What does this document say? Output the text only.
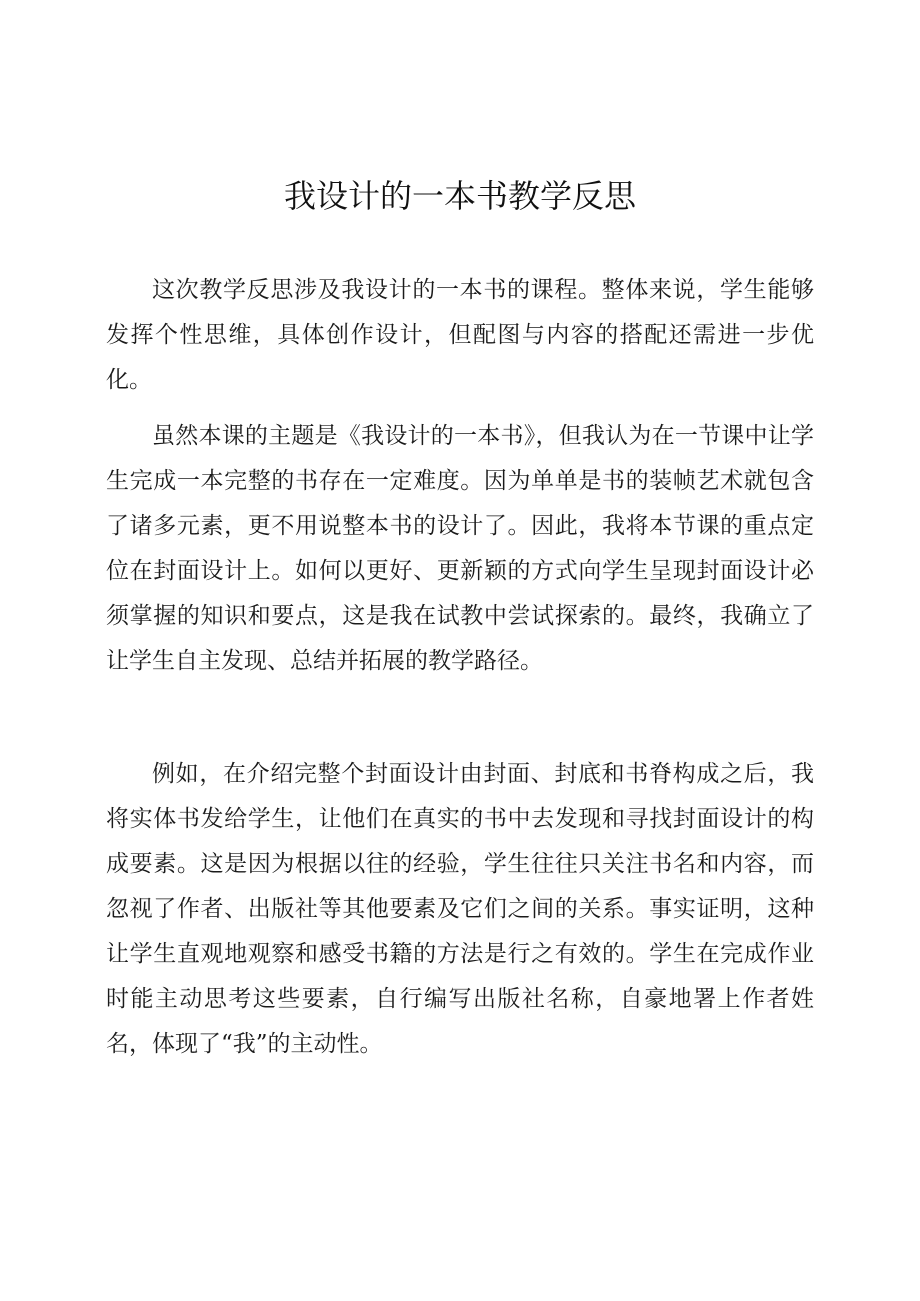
我设计的一本书教学反思

这次教学反思涉及我设计的一本书的课程。整体来说，学生能够发挥个性思维，具体创作设计，但配图与内容的搭配还需进一步优化。

虽然本课的主题是《我设计的一本书》，但我认为在一节课中让学生完成一本完整的书存在一定难度。因为单单是书的装帧艺术就包含了诸多元素，更不用说整本书的设计了。因此，我将本节课的重点定位在封面设计上。如何以更好、更新颖的方式向学生呈现封面设计必须掌握的知识和要点，这是我在试教中尝试探索的。最终，我确立了让学生自主发现、总结并拓展的教学路径。

例如，在介绍完整个封面设计由封面、封底和书脊构成之后，我将实体书发给学生，让他们在真实的书中去发现和寻找封面设计的构成要素。这是因为根据以往的经验，学生往往只关注书名和内容，而忽视了作者、出版社等其他要素及它们之间的关系。事实证明，这种让学生直观地观察和感受书籍的方法是行之有效的。学生在完成作业时能主动思考这些要素，自行编写出版社名称，自豪地署上作者姓名，体现了“我”的主动性。
